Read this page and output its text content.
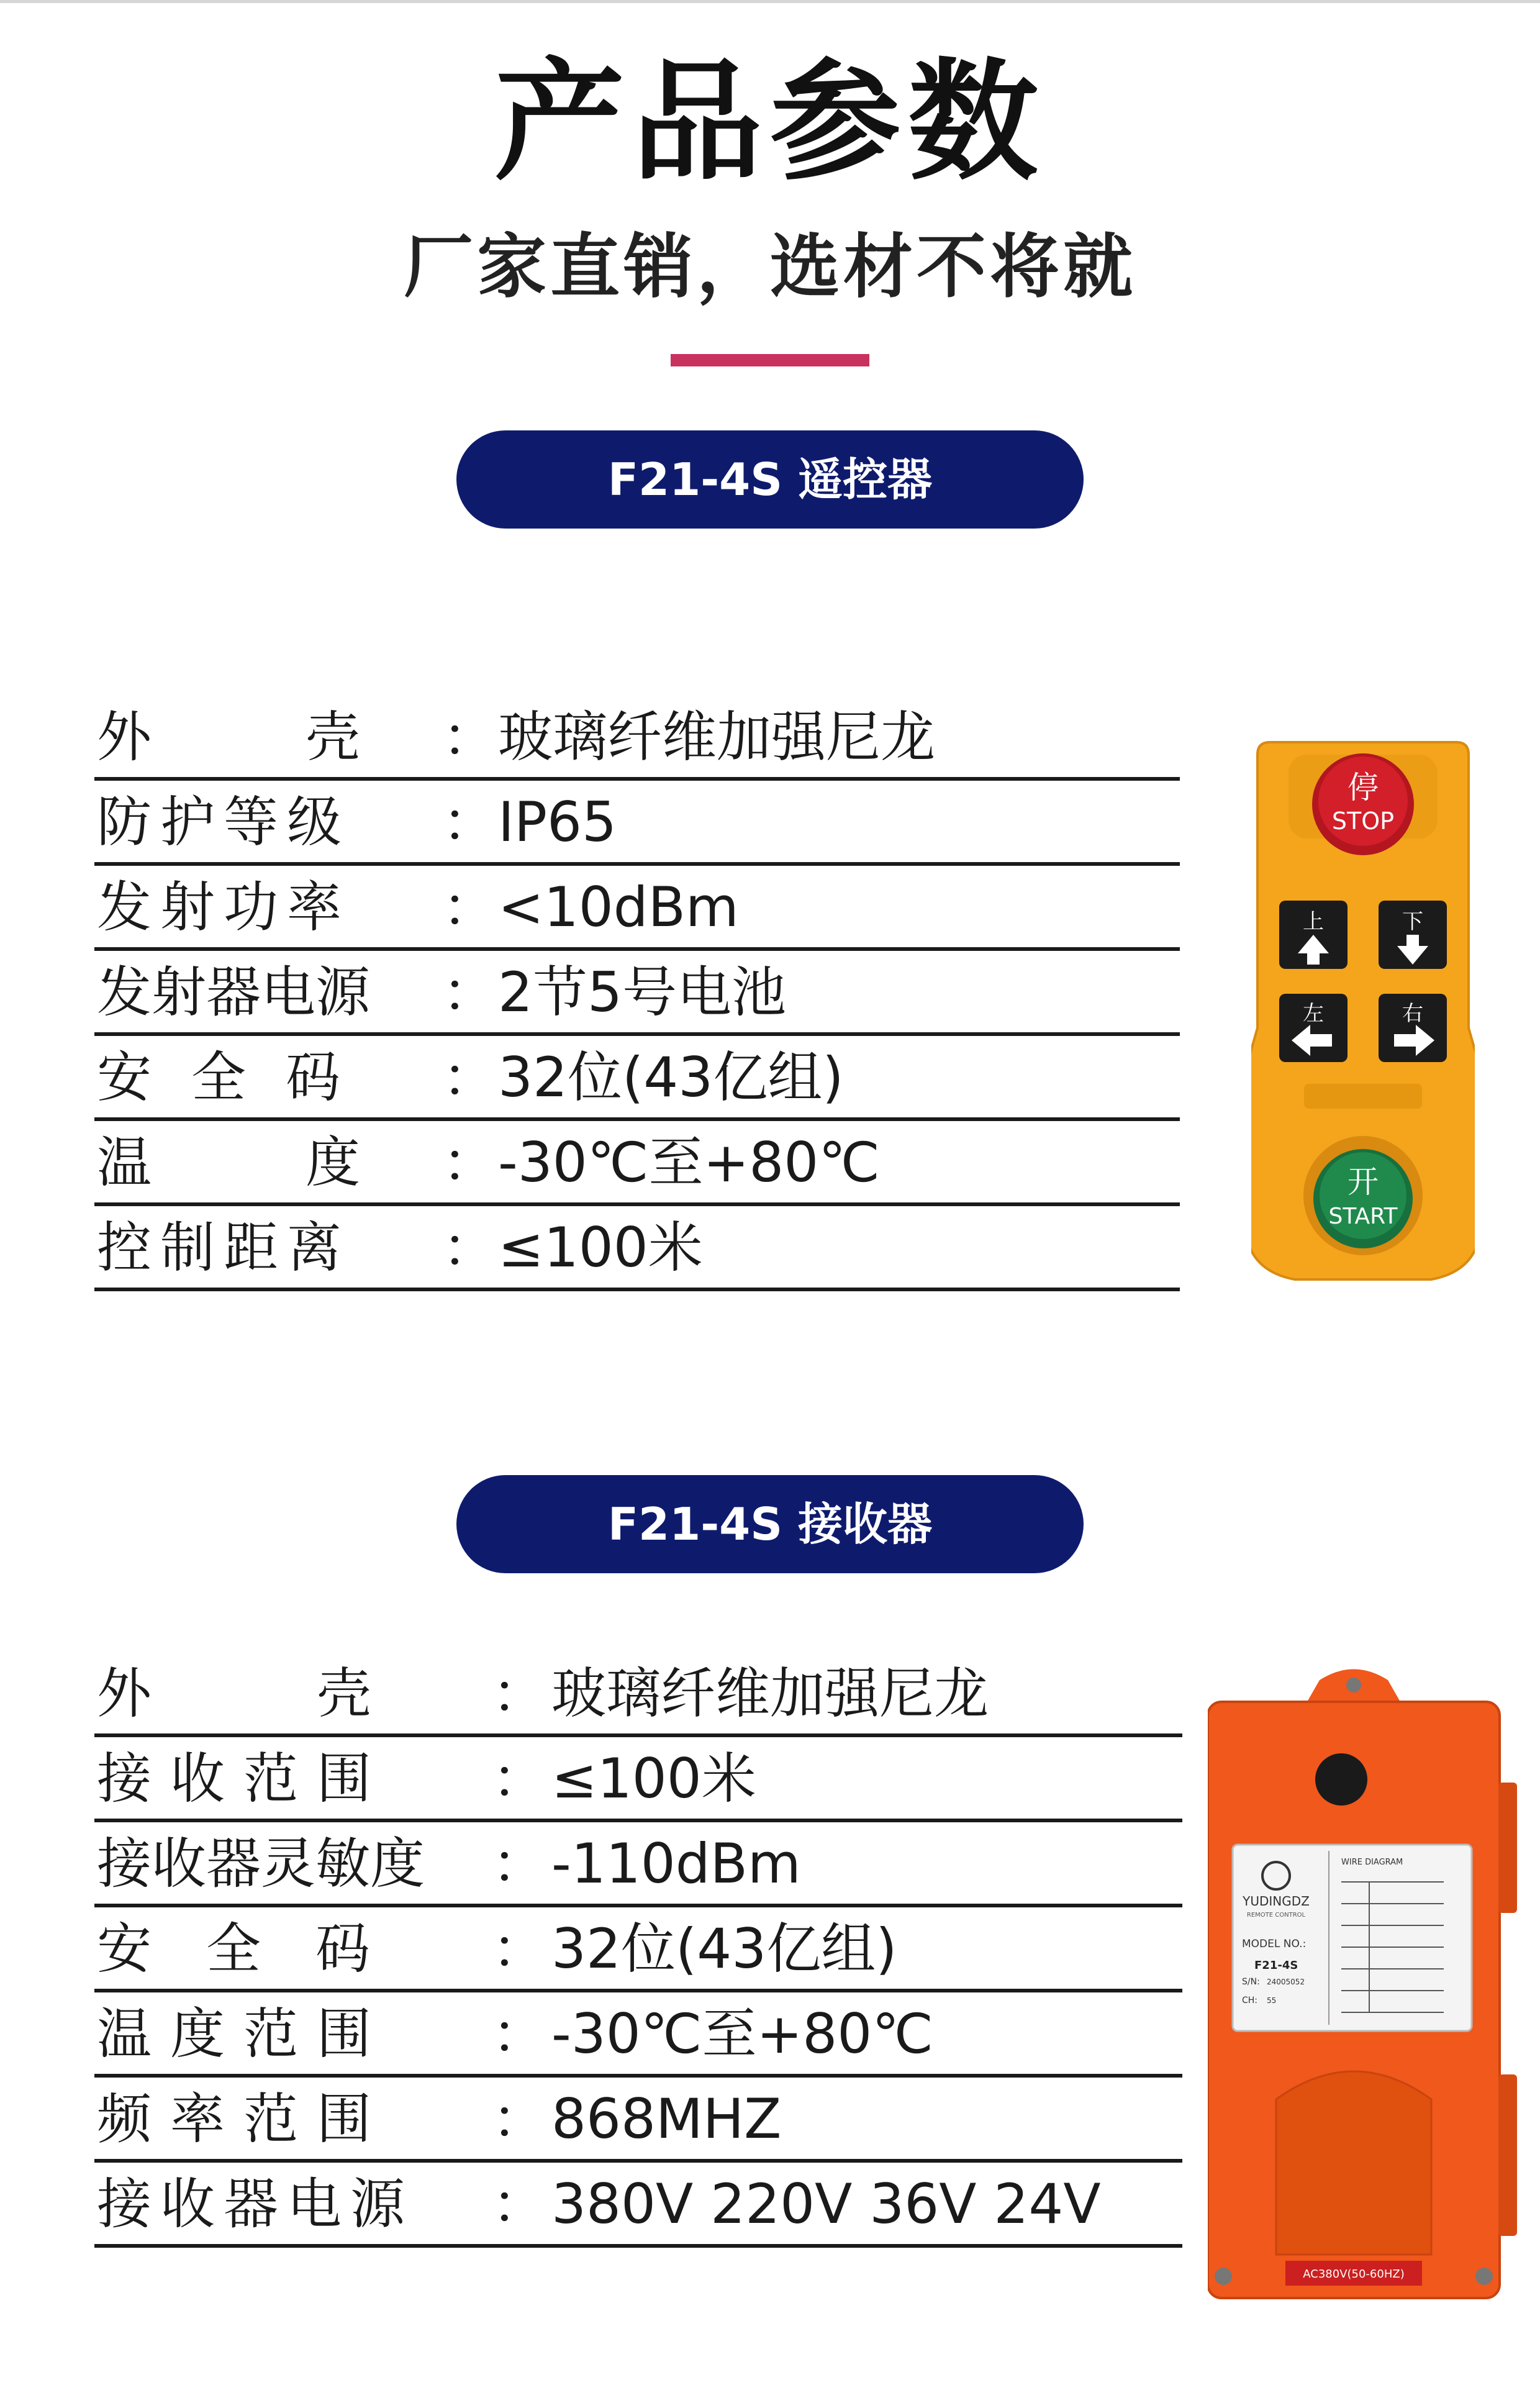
产品参数
厂家直销，选材不将就
F21-4S 遥控器
外　　壳 ： 玻璃纤维加强尼龙
防护等级 ： IP65
发射功率 ： <10dBm
发射器电源 ： 2节5号电池
安 全 码 ： 32位(43亿组)
温　　度 ： -30℃至+80℃
控制距离 ： ≤100米
停
STOP
上	下
左	右
开
START
F21-4S 接收器
外　　壳 ： 玻璃纤维加强尼龙
接收范围 ： ≤100米
接收器灵敏度 ： -110dBm
安　全　码 ： 32位(43亿组)
温度范围 ： -30℃至+80℃
频率范围 ： 868MHZ
接收器电源 ： 380V 220V 36V 24V
YUDINGDZ
REMOTE CONTROL
MODEL NO.:
F21-4S
S/N: 24005052
CH: 55
WIRE DIAGRAM
AC380V(50-60HZ)
